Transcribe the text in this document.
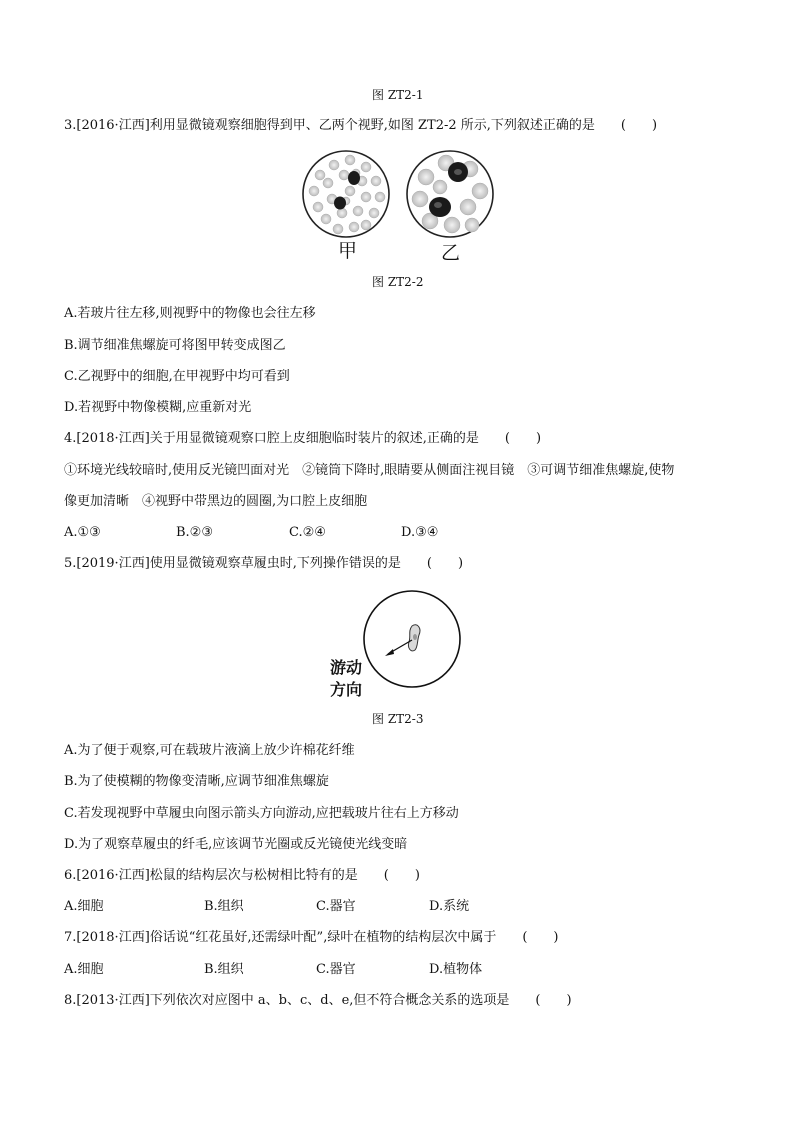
图 ZT2-1
3.[2016·江西]利用显微镜观察细胞得到甲、乙两个视野,如图 ZT2-2 所示,下列叙述正确的是　　(　　)
甲	乙
图 ZT2-2
A.若玻片往左移,则视野中的物像也会往左移
B.调节细准焦螺旋可将图甲转变成图乙
C.乙视野中的细胞,在甲视野中均可看到
D.若视野中物像模糊,应重新对光
4.[2018·江西]关于用显微镜观察口腔上皮细胞临时装片的叙述,正确的是　　(　　)
①环境光线较暗时,使用反光镜凹面对光　②镜筒下降时,眼睛要从侧面注视目镜　③可调节细准焦螺旋,使物
像更加清晰　④视野中带黑边的圆圈,为口腔上皮细胞
A.①③	B.②③	C.②④	D.③④
5.[2019·江西]使用显微镜观察草履虫时,下列操作错误的是　　(　　)
游动
方向
图 ZT2-3
A.为了便于观察,可在载玻片液滴上放少许棉花纤维
B.为了使模糊的物像变清晰,应调节细准焦螺旋
C.若发现视野中草履虫向图示箭头方向游动,应把载玻片往右上方移动
D.为了观察草履虫的纤毛,应该调节光圈或反光镜使光线变暗
6.[2016·江西]松鼠的结构层次与松树相比特有的是　　(　　)
A.细胞	B.组织	C.器官	D.系统
7.[2018·江西]俗话说“红花虽好,还需绿叶配”,绿叶在植物的结构层次中属于　　(　　)
A.细胞	B.组织	C.器官	D.植物体
8.[2013·江西]下列依次对应图中 a、b、c、d、e,但不符合概念关系的选项是　　(　　)
